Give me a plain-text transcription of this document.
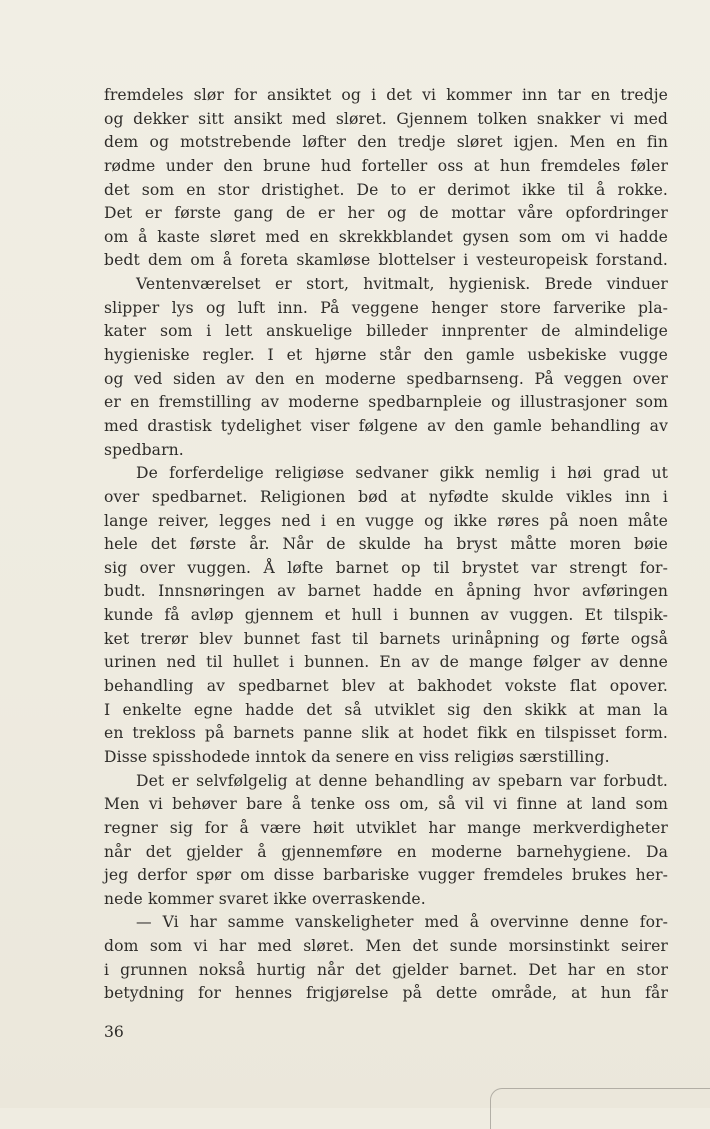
fremdeles slør for ansiktet og i det vi kommer inn tar en tredje
og dekker sitt ansikt med sløret. Gjennem tolken snakker vi med
dem og motstrebende løfter den tredje sløret igjen. Men en fin
rødme under den brune hud forteller oss at hun fremdeles føler
det som en stor dristighet. De to er derimot ikke til å rokke.
Det er første gang de er her og de mottar våre opfordringer
om å kaste sløret med en skrekkblandet gysen som om vi hadde
bedt dem om å foreta skamløse blottelser i vesteuropeisk forstand.
Ventenværelset er stort, hvitmalt, hygienisk. Brede vinduer
slipper lys og luft inn. På veggene henger store farverike pla-
kater som i lett anskuelige billeder innprenter de almindelige
hygieniske regler. I et hjørne står den gamle usbekiske vugge
og ved siden av den en moderne spedbarnseng. På veggen over
er en fremstilling av moderne spedbarnpleie og illustrasjoner som
med drastisk tydelighet viser følgene av den gamle behandling av
spedbarn.
De forferdelige religiøse sedvaner gikk nemlig i høi grad ut
over spedbarnet. Religionen bød at nyfødte skulde vikles inn i
lange reiver, legges ned i en vugge og ikke røres på noen måte
hele det første år. Når de skulde ha bryst måtte moren bøie
sig over vuggen. Å løfte barnet op til brystet var strengt for-
budt. Innsnøringen av barnet hadde en åpning hvor avføringen
kunde få avløp gjennem et hull i bunnen av vuggen. Et tilspik-
ket trerør blev bunnet fast til barnets urinåpning og førte også
urinen ned til hullet i bunnen. En av de mange følger av denne
behandling av spedbarnet blev at bakhodet vokste flat opover.
I enkelte egne hadde det så utviklet sig den skikk at man la
en trekloss på barnets panne slik at hodet fikk en tilspisset form.
Disse spisshodede inntok da senere en viss religiøs særstilling.
Det er selvfølgelig at denne behandling av spebarn var forbudt.
Men vi behøver bare å tenke oss om, så vil vi finne at land som
regner sig for å være høit utviklet har mange merkverdigheter
når det gjelder å gjennemføre en moderne barnehygiene. Da
jeg derfor spør om disse barbariske vugger fremdeles brukes her-
nede kommer svaret ikke overraskende.
— Vi har samme vanskeligheter med å overvinne denne for-
dom som vi har med sløret. Men det sunde morsinstinkt seirer
i grunnen nokså hurtig når det gjelder barnet. Det har en stor
betydning for hennes frigjørelse på dette område, at hun får
36
